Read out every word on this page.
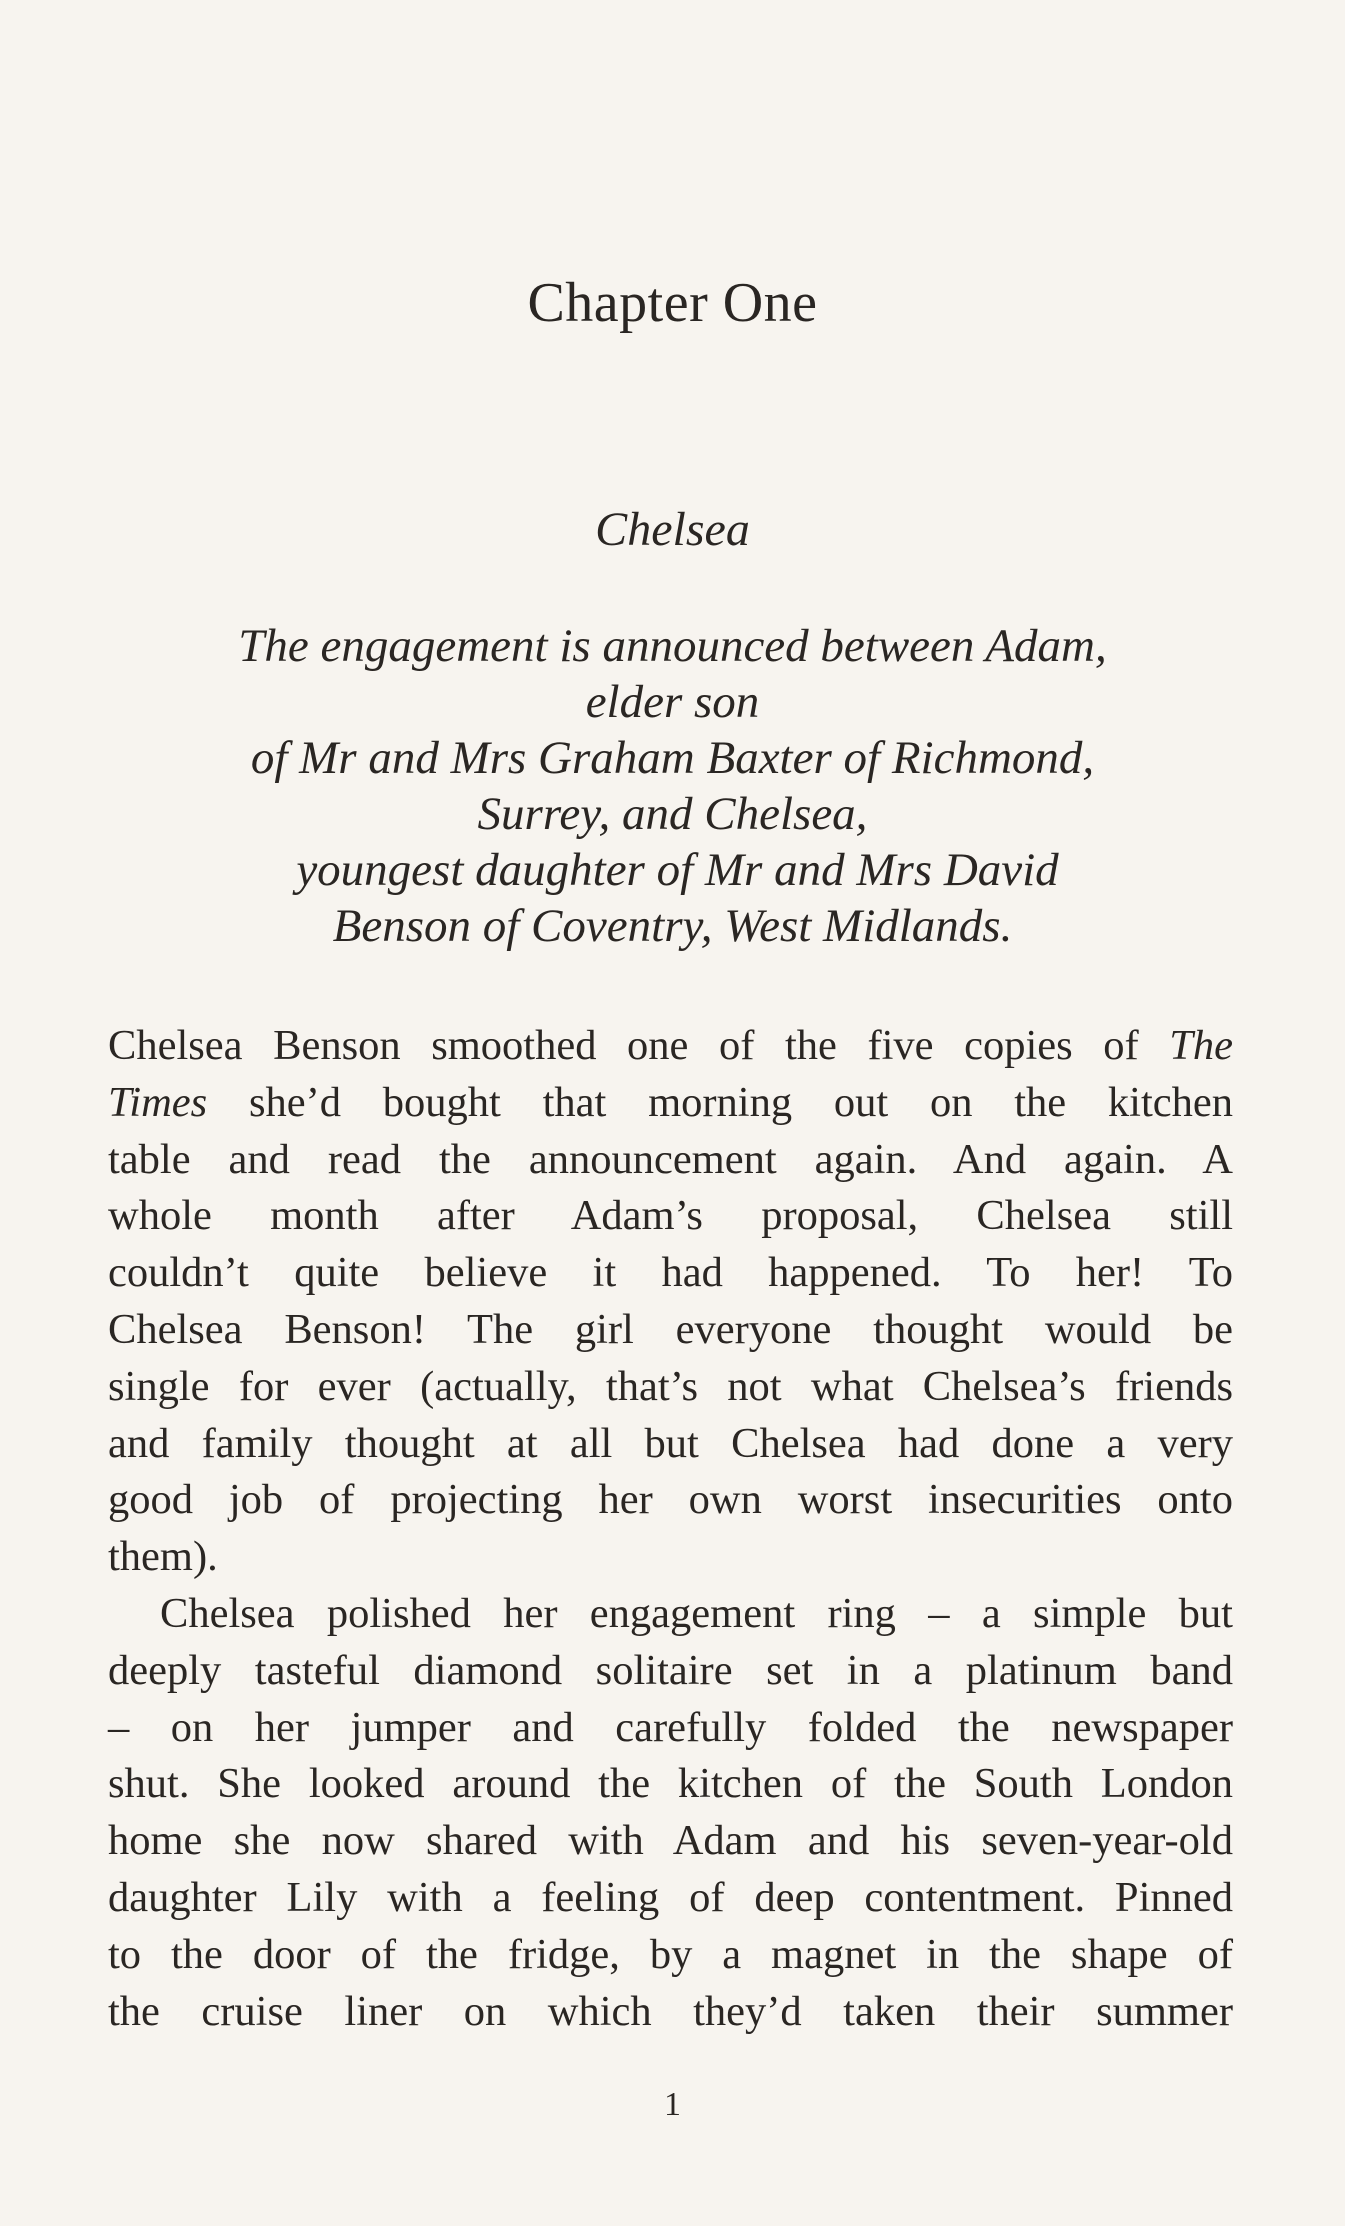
Chapter One
Chelsea
The engagement is announced between Adam,
elder son
of Mr and Mrs Graham Baxter of Richmond,
Surrey, and Chelsea,
youngest daughter of Mr and Mrs David
Benson of Coventry, West Midlands.
Chelsea Benson smoothed one of the five copies of The
Times she’d bought that morning out on the kitchen
table and read the announcement again. And again. A
whole month after Adam’s proposal, Chelsea still
couldn’t quite believe it had happened. To her! To
Chelsea Benson! The girl everyone thought would be
single for ever (actually, that’s not what Chelsea’s friends
and family thought at all but Chelsea had done a very
good job of projecting her own worst insecurities onto
them).
Chelsea polished her engagement ring – a simple but
deeply tasteful diamond solitaire set in a platinum band
– on her jumper and carefully folded the newspaper
shut. She looked around the kitchen of the South London
home she now shared with Adam and his seven-year-old
daughter Lily with a feeling of deep contentment. Pinned
to the door of the fridge, by a magnet in the shape of
the cruise liner on which they’d taken their summer
1
